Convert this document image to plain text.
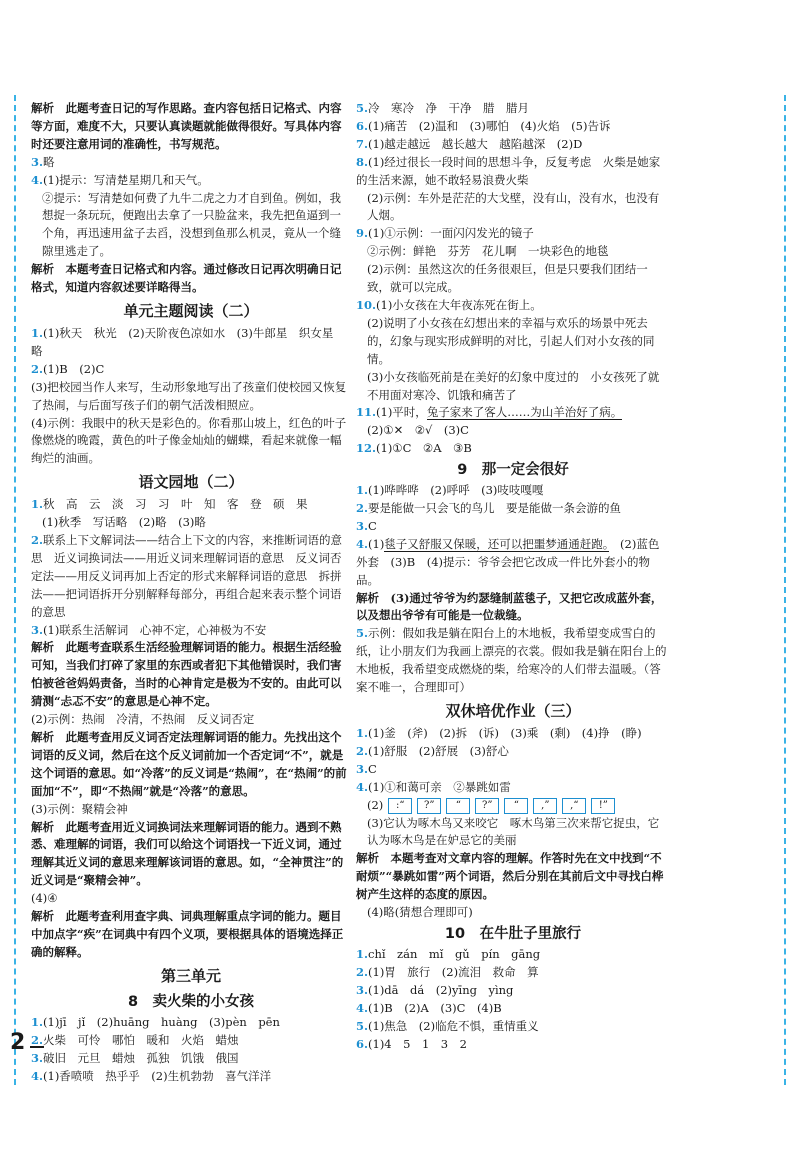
解析　此题考查日记的写作思路。查内容包括日记格式、内容等方面，难度不大，只要认真读题就能做得很好。写具体内容时还要注意用词的准确性，书写规范。

3.略

4.(1)提示：写清楚星期几和天气。

②提示：写清楚如何费了九牛二虎之力才自到鱼。例如，我想捉一条玩玩，便跑出去拿了一只脸盆来，我先把鱼逼到一个角，再迅速用盆子去舀，没想到鱼那么机灵，竟从一个缝隙里逃走了。

解析　本题考查日记格式和内容。通过修改日记再次明确日记格式，知道内容叙述要详略得当。

单元主题阅读（二）

1.(1)秋天　秋光　(2)天阶夜色凉如水　(3)牛郎星　织女星　略

2.(1)B　(2)C

(3)把校园当作人来写，生动形象地写出了孩童们使校园又恢复了热闹，与后面写孩子们的朝气活泼相照应。

(4)示例：我眼中的秋天是彩色的。你看那山坡上，红色的叶子像燃烧的晚霞，黄色的叶子像金灿灿的蝴蝶，看起来就像一幅绚烂的油画。

语文园地（二）

1.秋　高　云　淡　习　习　叶　知　客　登　硕　果

(1)秋季　写话略　(2)略　(3)略

2.联系上下文解词法——结合上下文的内容，来推断词语的意思　近义词换词法——用近义词来理解词语的意思　反义词否定法——用反义词再加上否定的形式来解释词语的意思　拆拼法——把词语拆开分别解释每部分，再组合起来表示整个词语的意思

3.(1)联系生活解词　心神不定，心神极为不安

解析　此题考查联系生活经验理解词语的能力。根据生活经验可知，当我们打碎了家里的东西或者犯下其他错误时，我们害怕被爸爸妈妈责备，当时的心神肯定是极为不安的。由此可以猜测“忐忑不安”的意思是心神不定。

(2)示例：热闹　冷清，不热闹　反义词否定

解析　此题考查用反义词否定法理解词语的能力。先找出这个词语的反义词，然后在这个反义词前加一个否定词“不”，就是这个词语的意思。如“冷落”的反义词是“热闹”，在“热闹”的前面加“不”，即“不热闹”就是“冷落”的意思。

(3)示例：聚精会神

解析　此题考查用近义词换词法来理解词语的能力。遇到不熟悉、难理解的词语，我们可以给这个词语找一下近义词，通过理解其近义词的意思来理解该词语的意思。如，“全神贯注”的近义词是“聚精会神”。

(4)④

解析　此题考查利用查字典、词典理解重点字词的能力。题目中加点字“疾”在词典中有四个义项，要根据具体的语境选择正确的解释。

第三单元
8　卖火柴的小女孩

1.(1)jī　jǐ　(2)huāng　huàng　(3)pèn　pēn

2.火柴　可怜　哪怕　暖和　火焰　蜡烛

3.破旧　元旦　蜡烛　孤独　饥饿　俄国

4.(1)香喷喷　热乎乎　(2)生机勃勃　喜气洋洋

5.冷　寒冷　净　干净　腊　腊月

6.(1)痛苦　(2)温和　(3)哪怕　(4)火焰　(5)告诉

7.(1)越走越远　越长越大　越陷越深　(2)D

8.(1)经过很长一段时间的思想斗争，反复考虑　火柴是她家的生活来源，她不敢轻易浪费火柴

(2)示例：车外是茫茫的大戈壁，没有山，没有水，也没有人烟。

9.(1)①示例：一面闪闪发光的镜子

②示例：鲜艳　芬芳　花儿啊　一块彩色的地毯

(2)示例：虽然这次的任务很艰巨，但是只要我们团结一致，就可以完成。

10.(1)小女孩在大年夜冻死在街上。

(2)说明了小女孩在幻想出来的幸福与欢乐的场景中死去的，幻象与现实形成鲜明的对比，引起人们对小女孩的同情。

(3)小女孩临死前是在美好的幻象中度过的　小女孩死了就不用面对寒冷、饥饿和痛苦了

11.(1)平时，兔子家来了客人……为山羊治好了病。

(2)①✕　②√　(3)C

12.(1)①C　②A　③B

9　那一定会很好

1.(1)哗哗哗　(2)呼呼　(3)吱吱嘎嘎

2.要是能做一只会飞的鸟儿　要是能做一条会游的鱼

3.C

4.(1)毯子又舒服又保暖，还可以把噩梦通通赶跑。　(2)蓝色外套　(3)B　(4)提示：爷爷会把它改成一件比外套小的物品。

解析　(3)通过爷爷为约瑟缝制蓝毯子，又把它改成蓝外套，以及想出爷爷有可能是一位裁缝。

5.示例：假如我是躺在阳台上的木地板，我希望变成雪白的纸，让小朋友们为我画上漂亮的衣裳。假如我是躺在阳台上的木地板，我希望变成燃烧的柴，给寒冷的人们带去温暖。（答案不唯一，合理即可）

双休培优作业（三）

1.(1)釜　(斧)　(2)拆　(诉)　(3)乘　(剩)　(4)挣　(睁)

2.(1)舒服　(2)舒展　(3)舒心

3.C

4.(1)①和蔼可亲　②暴跳如雷

(2)	:“	?”	“	?”	“	,”	,“	!”

(3)它认为啄木鸟又来咬它　啄木鸟第三次来帮它捉虫，它认为啄木鸟是在妒忌它的美丽

解析　本题考查对文章内容的理解。作答时先在文中找到“不耐烦”“暴跳如雷”两个词语，然后分别在其前后文中寻找白桦树产生这样的态度的原因。

(4)略(猜想合理即可)

10　在牛肚子里旅行

1.chǐ　zán　mǐ　gǔ　pín　gāng

2.(1)胃　旅行　(2)流泪　救命　算

3.(1)dā　dá　(2)yīng　yìng

4.(1)B　(2)A　(3)C　(4)B

5.(1)焦急　(2)临危不惧，重情重义

6.(1)4　5　1　3　2

2
